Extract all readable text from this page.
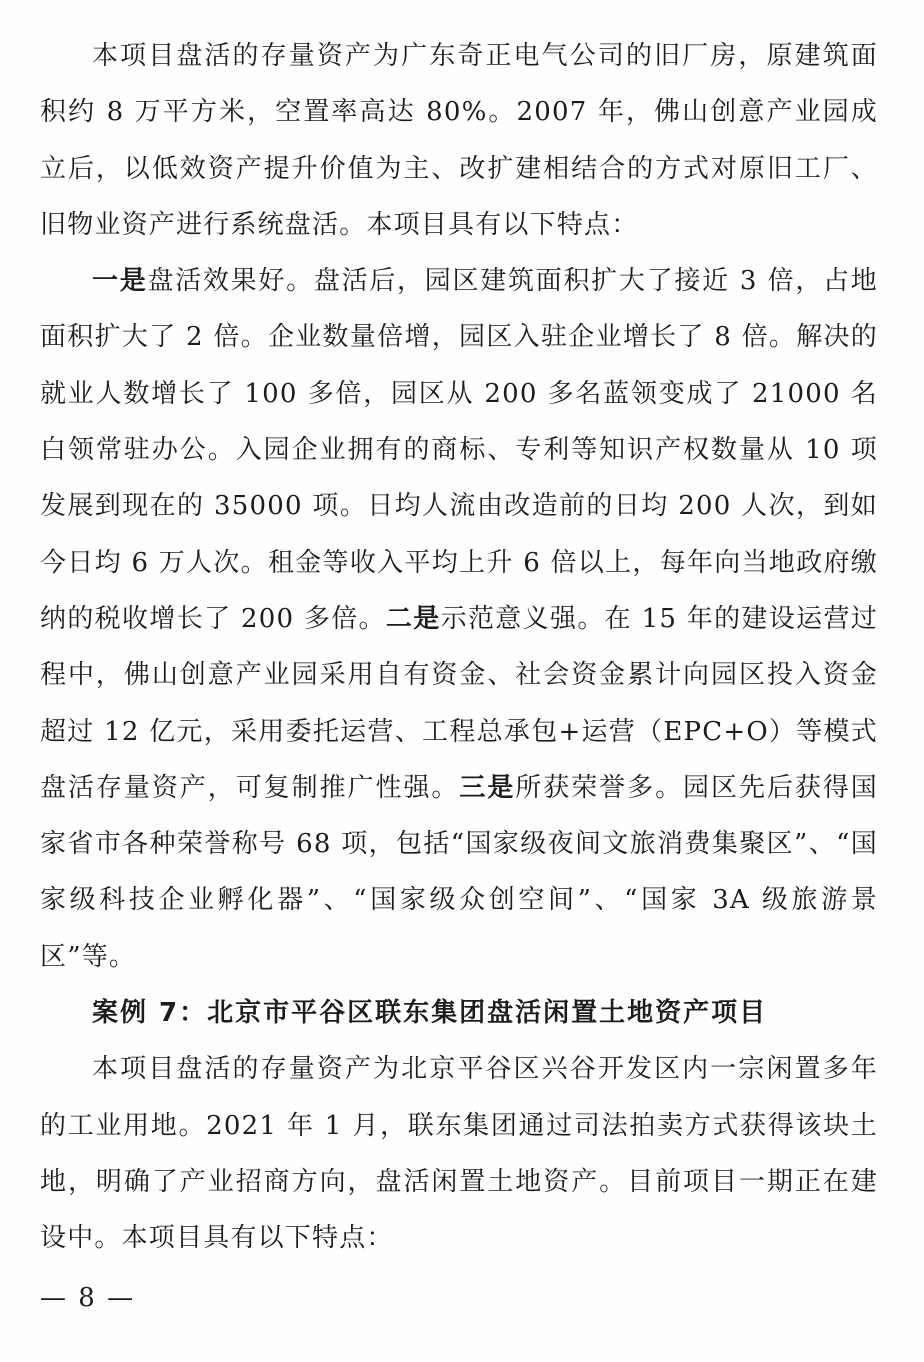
本项目盘活的存量资产为广东奇正电气公司的旧厂房，原建筑面积约 8 万平方米，空置率高达 80%。2007 年，佛山创意产业园成立后，以低效资产提升价值为主、改扩建相结合的方式对原旧工厂、旧物业资产进行系统盘活。本项目具有以下特点：

一是盘活效果好。盘活后，园区建筑面积扩大了接近 3 倍，占地面积扩大了 2 倍。企业数量倍增，园区入驻企业增长了 8 倍。解决的就业人数增长了 100 多倍，园区从 200 多名蓝领变成了 21000 名白领常驻办公。入园企业拥有的商标、专利等知识产权数量从 10 项发展到现在的 35000 项。日均人流由改造前的日均 200 人次，到如今日均 6 万人次。租金等收入平均上升 6 倍以上，每年向当地政府缴纳的税收增长了 200 多倍。二是示范意义强。在 15 年的建设运营过程中，佛山创意产业园采用自有资金、社会资金累计向园区投入资金超过 12 亿元，采用委托运营、工程总承包+运营（EPC+O）等模式盘活存量资产，可复制推广性强。三是所获荣誉多。园区先后获得国家省市各种荣誉称号 68 项，包括“国家级夜间文旅消费集聚区”、“国家级科技企业孵化器”、“国家级众创空间”、“国家 3A 级旅游景区”等。

案例 7：北京市平谷区联东集团盘活闲置土地资产项目

本项目盘活的存量资产为北京平谷区兴谷开发区内一宗闲置多年的工业用地。2021 年 1 月，联东集团通过司法拍卖方式获得该块土地，明确了产业招商方向，盘活闲置土地资产。目前项目一期正在建设中。本项目具有以下特点：

— 8 —
